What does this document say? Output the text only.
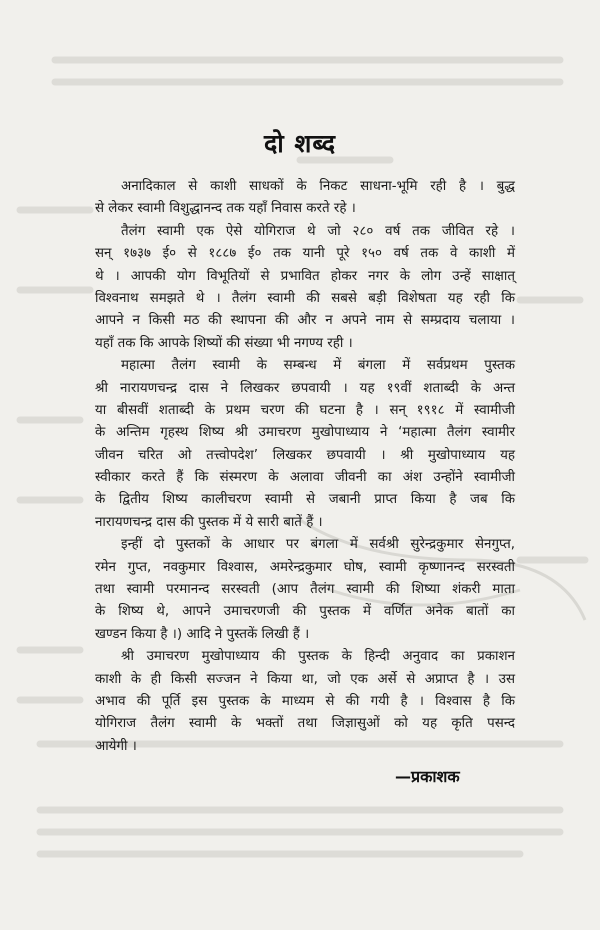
दो शब्द
अनादिकाल से काशी साधकों के निकट साधना-भूमि रही है । बुद्ध
से लेकर स्वामी विशुद्धानन्द तक यहाँ निवास करते रहे ।
तैलंग स्वामी एक ऐसे योगिराज थे जो २८० वर्ष तक जीवित रहे ।
सन् १७३७ ई० से १८८७ ई० तक यानी पूरे १५० वर्ष तक वे काशी में
थे । आपकी योग विभूतियों से प्रभावित होकर नगर के लोग उन्हें साक्षात्
विश्वनाथ समझते थे । तैलंग स्वामी की सबसे बड़ी विशेषता यह रही कि
आपने न किसी मठ की स्थापना की और न अपने नाम से सम्प्रदाय चलाया ।
यहाँ तक कि आपके शिष्यों की संख्या भी नगण्य रही ।
महात्मा तैलंग स्वामी के सम्बन्ध में बंगला में सर्वप्रथम पुस्तक
श्री नारायणचन्द्र दास ने लिखकर छपवायी । यह १९वीं शताब्दी के अन्त
या बीसवीं शताब्दी के प्रथम चरण की घटना है । सन् १९१८ में स्वामीजी
के अन्तिम गृहस्थ शिष्य श्री उमाचरण मुखोपाध्याय ने ‘महात्मा तैलंग स्वामीर
जीवन चरित ओ तत्त्वोपदेश’ लिखकर छपवायी । श्री मुखोपाध्याय यह
स्वीकार करते हैं कि संस्मरण के अलावा जीवनी का अंश उन्होंने स्वामीजी
के द्वितीय शिष्य कालीचरण स्वामी से जबानी प्राप्त किया है जब कि
नारायणचन्द्र दास की पुस्तक में ये सारी बातें हैं ।
इन्हीं दो पुस्तकों के आधार पर बंगला में सर्वश्री सुरेन्द्रकुमार सेनगुप्त,
रमेन गुप्त, नवकुमार विश्वास, अमरेन्द्रकुमार घोष, स्वामी कृष्णानन्द सरस्वती
तथा स्वामी परमानन्द सरस्वती (आप तैलंग स्वामी की शिष्या शंकरी माता
के शिष्य थे, आपने उमाचरणजी की पुस्तक में वर्णित अनेक बातों का
खण्डन किया है ।) आदि ने पुस्तकें लिखी हैं ।
श्री उमाचरण मुखोपाध्याय की पुस्तक के हिन्दी अनुवाद का प्रकाशन
काशी के ही किसी सज्जन ने किया था, जो एक अर्से से अप्राप्त है । उस
अभाव की पूर्ति इस पुस्तक के माध्यम से की गयी है । विश्वास है कि
योगिराज तैलंग स्वामी के भक्तों तथा जिज्ञासुओं को यह कृति पसन्द
आयेगी ।
—प्रकाशक
